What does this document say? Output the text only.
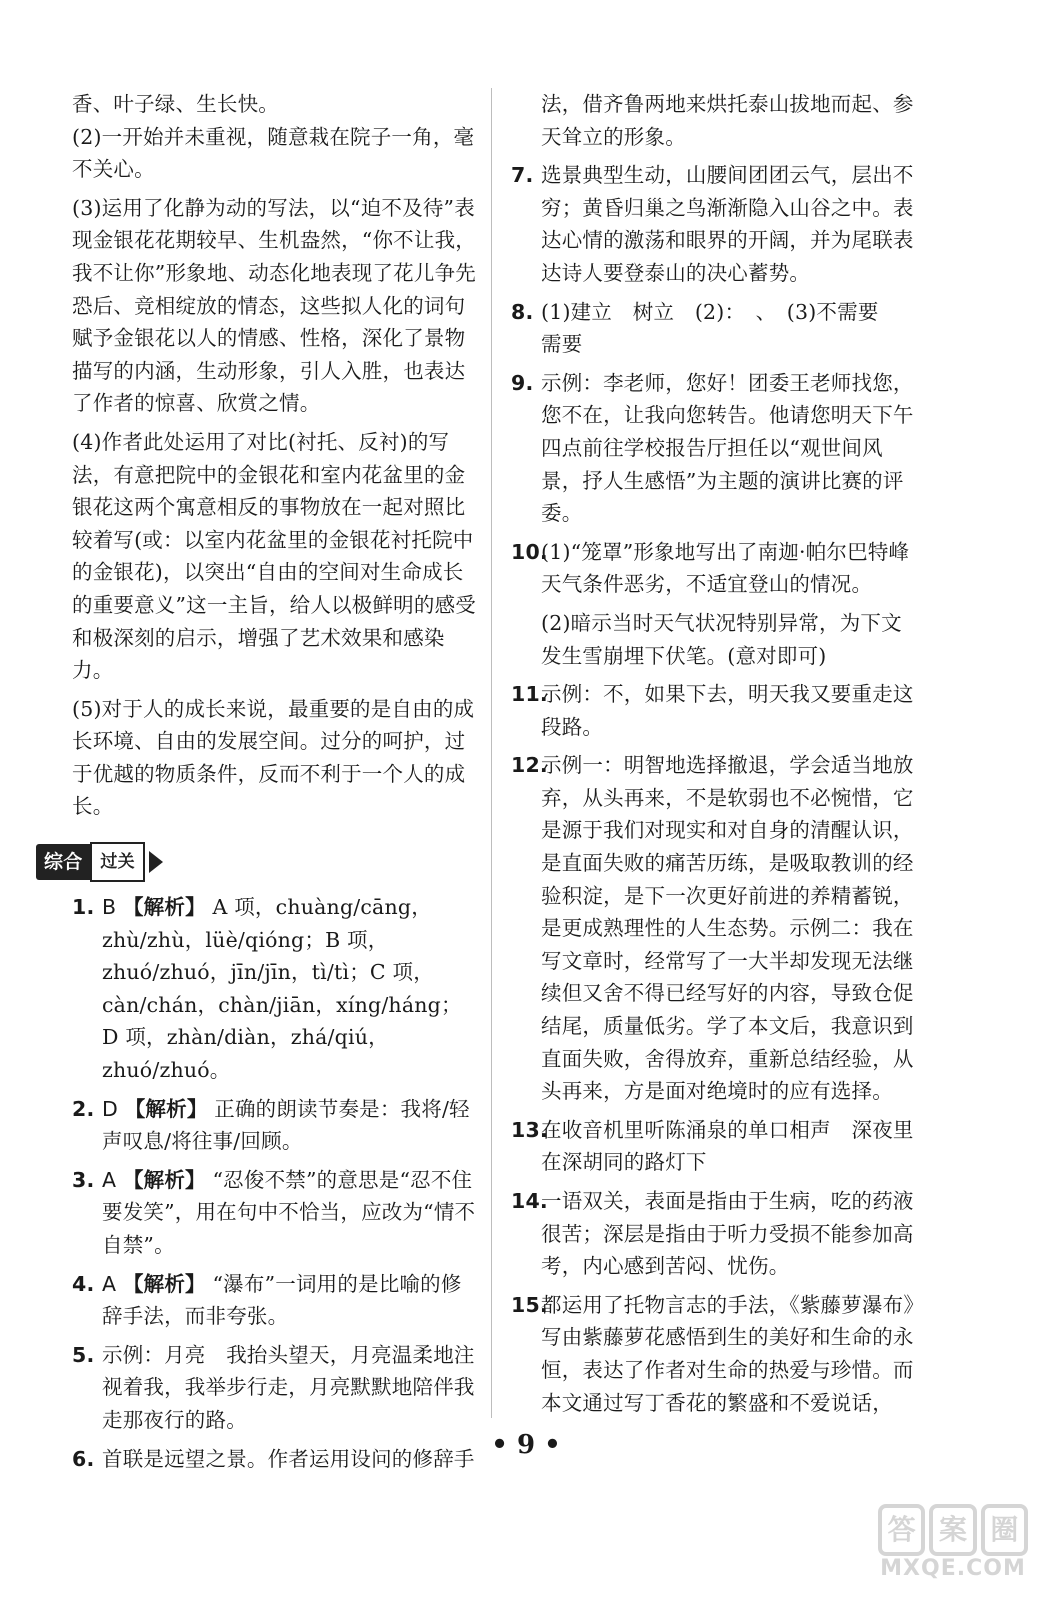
香、叶子绿、生长快。

(2)一开始并未重视，随意栽在院子一角，毫不关心。

(3)运用了化静为动的写法，以“迫不及待”表现金银花花期较早、生机盎然，“你不让我，我不让你”形象地、动态化地表现了花儿争先恐后、竞相绽放的情态，这些拟人化的词句赋予金银花以人的情感、性格，深化了景物描写的内涵，生动形象，引人入胜，也表达了作者的惊喜、欣赏之情。

(4)作者此处运用了对比(衬托、反衬)的写法，有意把院中的金银花和室内花盆里的金银花这两个寓意相反的事物放在一起对照比较着写(或：以室内花盆里的金银花衬托院中的金银花)，以突出“自由的空间对生命成长的重要意义”这一主旨，给人以极鲜明的感受和极深刻的启示，增强了艺术效果和感染力。

(5)对于人的成长来说，最重要的是自由的成长环境、自由的发展空间。过分的呵护，过于优越的物质条件，反而不利于一个人的成长。

综合	过关
1. B 【解析】 A 项，chuàng/cāng，zhù/zhù，lüè/qióng；B 项，zhuó/zhuó，jīn/jīn，tì/tì；C 项，càn/chán，chàn/jiān，xíng/háng；D 项，zhàn/diàn，zhá/qiú，zhuó/zhuó。
2. D 【解析】 正确的朗读节奏是：我将/轻声叹息/将往事/回顾。
3. A 【解析】 “忍俊不禁”的意思是“忍不住要发笑”，用在句中不恰当，应改为“情不自禁”。
4. A 【解析】 “瀑布”一词用的是比喻的修辞手法，而非夸张。
5. 示例：月亮　我抬头望天，月亮温柔地注视着我，我举步行走，月亮默默地陪伴我走那夜行的路。
6. 首联是远望之景。作者运用设问的修辞手

法，借齐鲁两地来烘托泰山拔地而起、参天耸立的形象。

7. 选景典型生动，山腰间团团云气，层出不穷；黄昏归巢之鸟渐渐隐入山谷之中。表达心情的激荡和眼界的开阔，并为尾联表达诗人要登泰山的决心蓄势。
8. (1)建立　树立　(2)：　、　(3)不需要　需要
9. 示例：李老师，您好！团委王老师找您，您不在，让我向您转告。他请您明天下午四点前往学校报告厅担任以“观世间风景，抒人生感悟”为主题的演讲比赛的评委。
10.
(1)“笼罩”形象地写出了南迦·帕尔巴特峰天气条件恶劣，不适宜登山的情况。
(2)暗示当时天气状况特别异常，为下文发生雪崩埋下伏笔。(意对即可)
11.
示例：不，如果下去，明天我又要重走这段路。
12.
示例一：明智地选择撤退，学会适当地放弃，从头再来，不是软弱也不必惋惜，它是源于我们对现实和对自身的清醒认识，是直面失败的痛苦历练，是吸取教训的经验积淀，是下一次更好前进的养精蓄锐，是更成熟理性的人生态势。示例二：我在写文章时，经常写了一大半却发现无法继续但又舍不得已经写好的内容，导致仓促结尾，质量低劣。学了本文后，我意识到直面失败，舍得放弃，重新总结经验，从头再来，方是面对绝境时的应有选择。
13.
在收音机里听陈涌泉的单口相声　深夜里在深胡同的路灯下
14.
一语双关，表面是指由于生病，吃的药液很苦；深层是指由于听力受损不能参加高考，内心感到苦闷、忧伤。
15.
都运用了托物言志的手法，《紫藤萝瀑布》写由紫藤萝花感悟到生的美好和生命的永恒，表达了作者对生命的热爱与珍惜。而本文通过写丁香花的繁盛和不爱说话，
• 9 •
答 案 圈
MXQE.COM
